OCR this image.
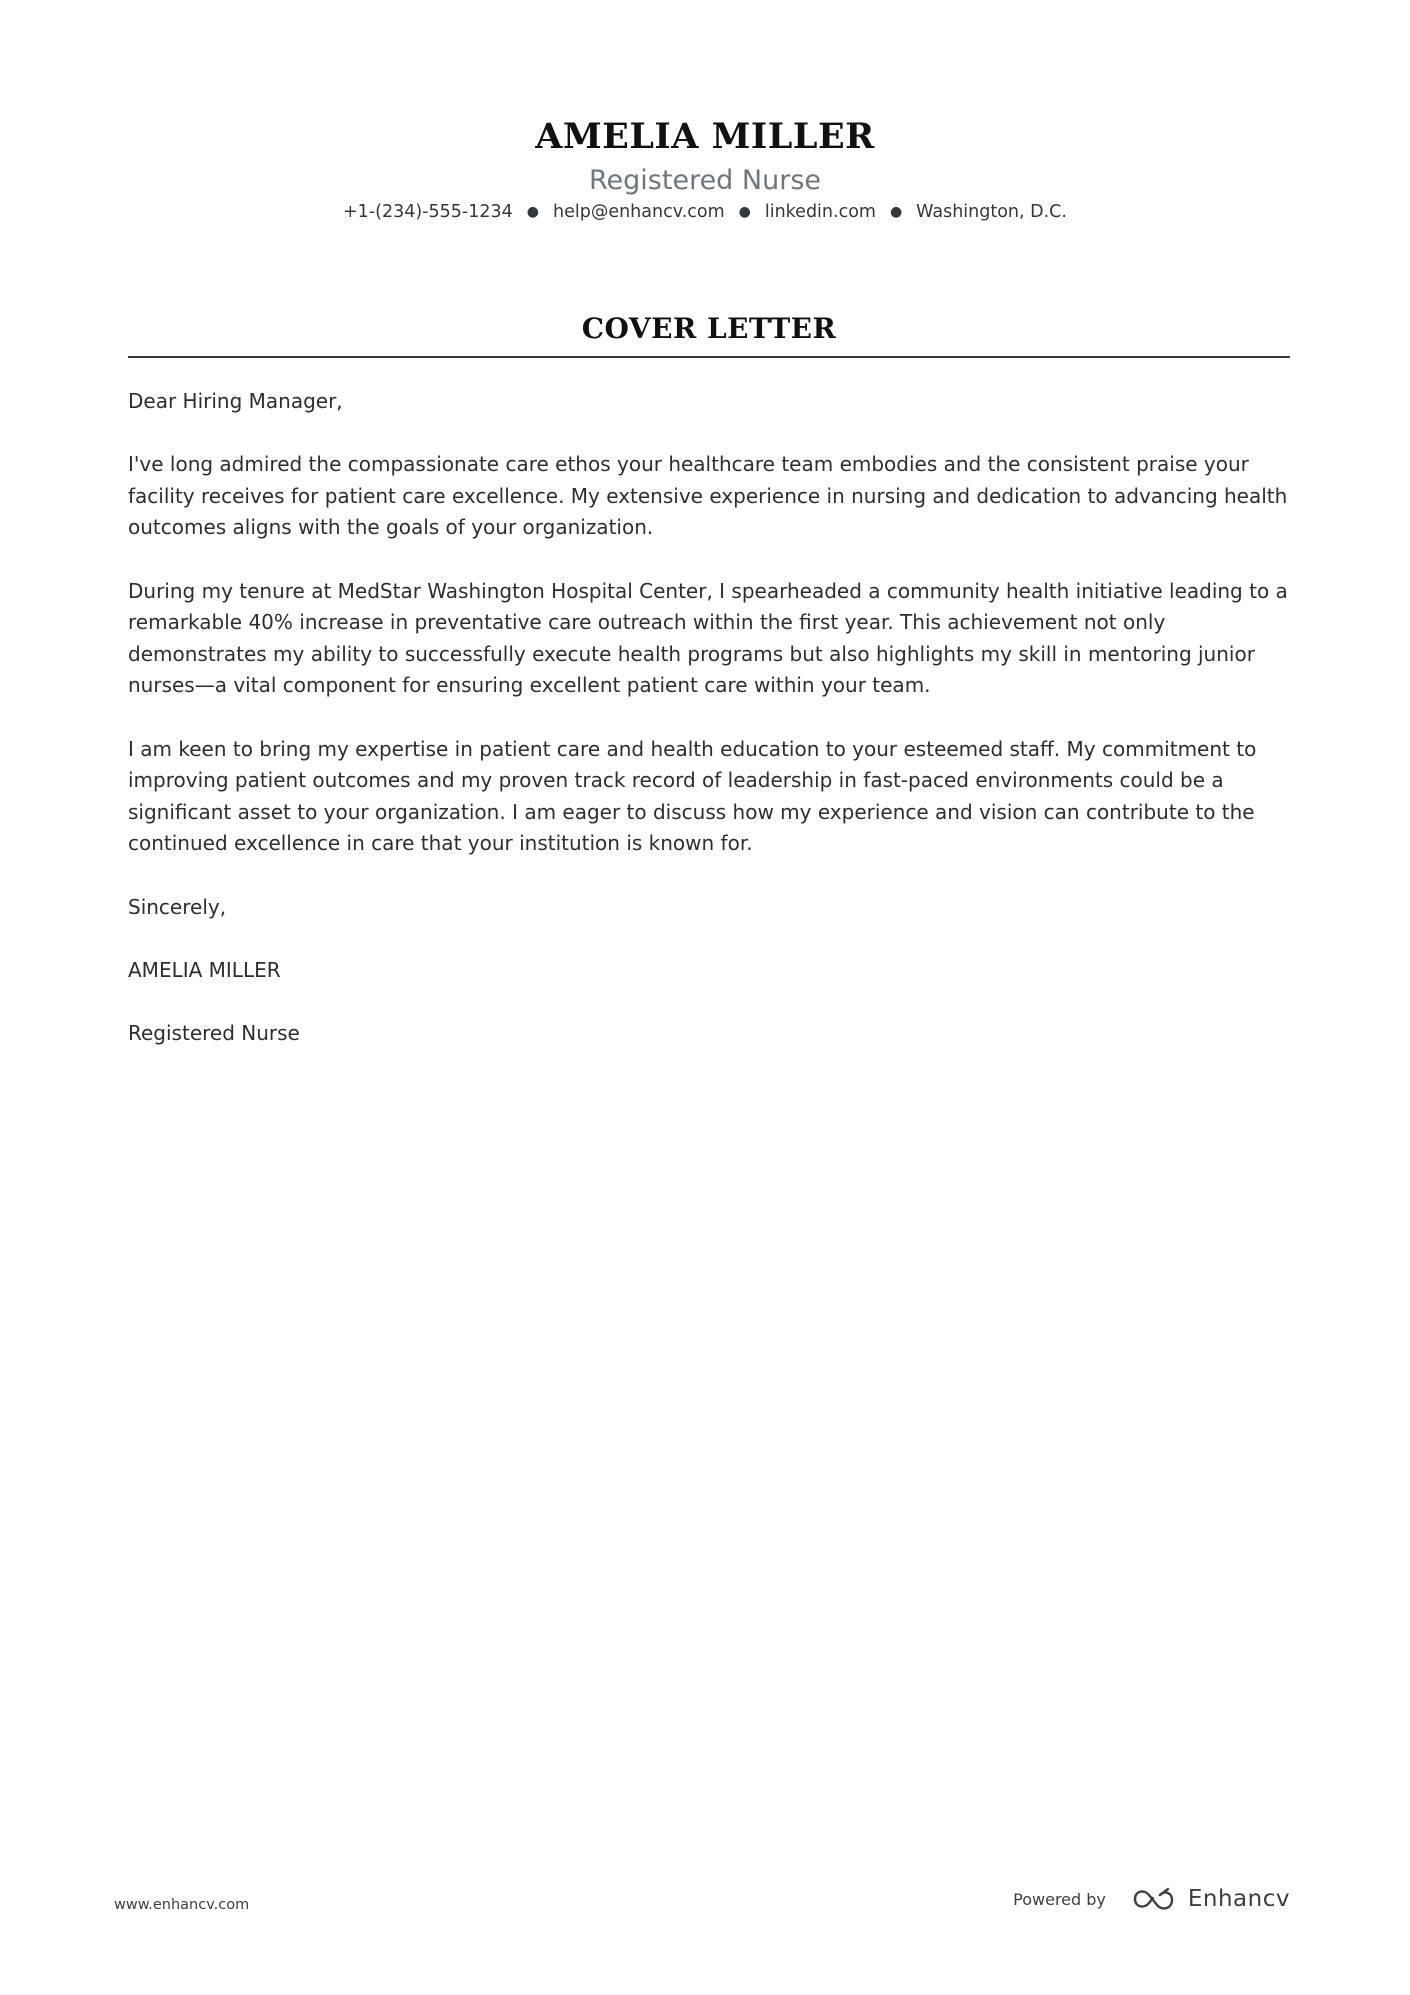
AMELIA MILLER
Registered Nurse
+1-(234)-555-1234 ● help@enhancv.com ● linkedin.com ● Washington, D.C.
COVER LETTER

Dear Hiring Manager,

I've long admired the compassionate care ethos your healthcare team embodies and the consistent praise your facility receives for patient care excellence. My extensive experience in nursing and dedication to advancing health outcomes aligns with the goals of your organization.

During my tenure at MedStar Washington Hospital Center, I spearheaded a community health initiative leading to a remarkable 40% increase in preventative care outreach within the first year. This achievement not only demonstrates my ability to successfully execute health programs but also highlights my skill in mentoring junior nurses—a vital component for ensuring excellent patient care within your team.

I am keen to bring my expertise in patient care and health education to your esteemed staff. My commitment to improving patient outcomes and my proven track record of leadership in fast-paced environments could be a significant asset to your organization. I am eager to discuss how my experience and vision can contribute to the continued excellence in care that your institution is known for.

Sincerely,

AMELIA MILLER

Registered Nurse

www.enhancv.com	Powered by	Enhancv
